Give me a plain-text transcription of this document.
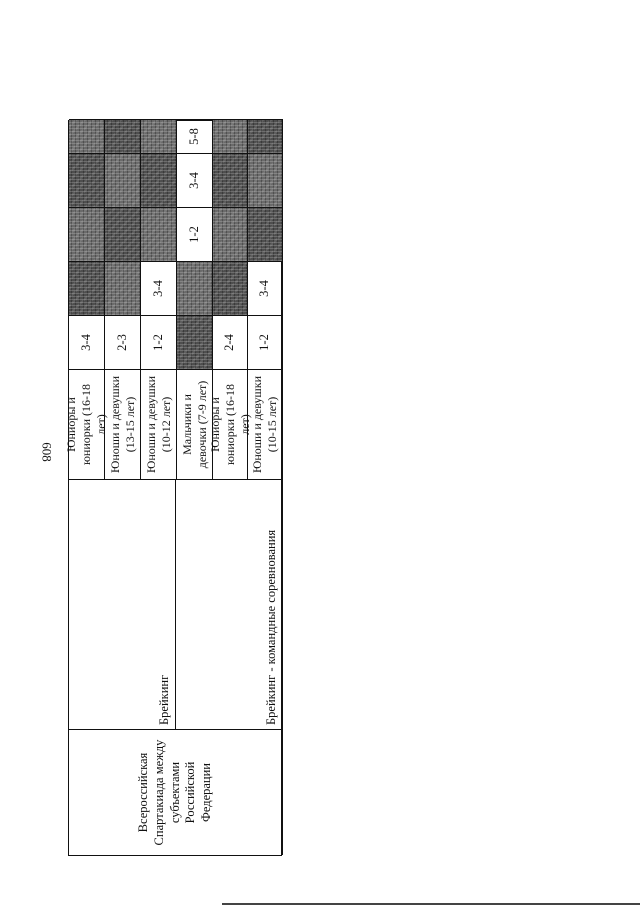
608
Всероссийская Спартакиада между субъектами Российской Федерации
Брейкинг	Брейкинг - командные соревнования
Юниоры и юниорки (16-18 лет)
3-4
Юноши и девушки (13-15 лет)
2-3
Юноши и девушки (10-12 лет)
1-2
3-4
Мальчики и девочки (7-9 лет)
1-2
3-4
5-8
Юниоры и юниорки (16-18 лет)
2-4
Юноши и девушки (10-15 лет)
1-2
3-4
